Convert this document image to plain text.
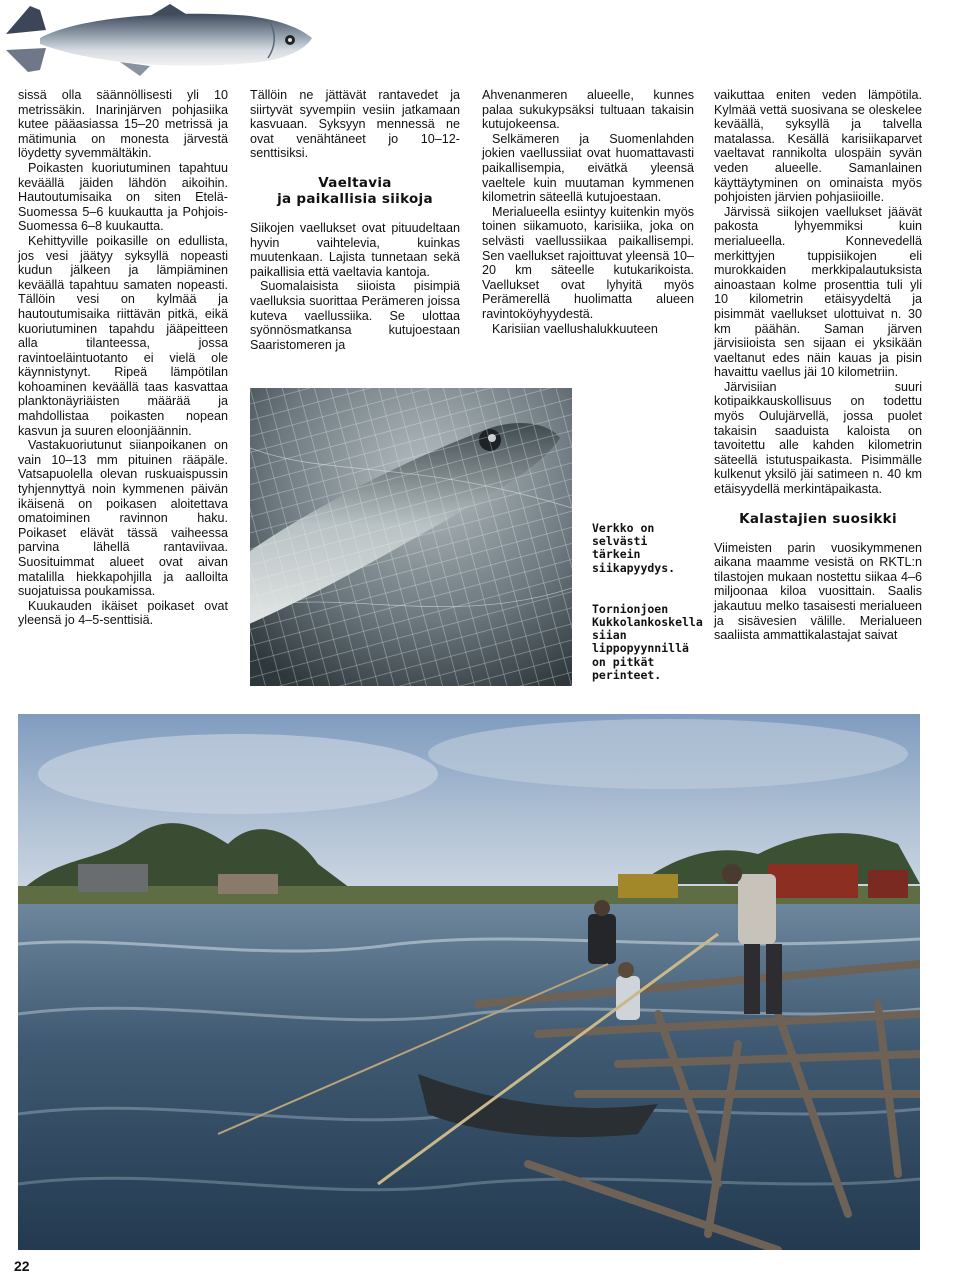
sissä olla säännöllisesti yli 10 metrissäkin. Inarinjärven pohjasiika kutee pääasiassa 15–20 metrissä ja mätimunia on monesta järvestä löydetty syvemmältäkin.

Poikasten kuoriutuminen tapahtuu keväällä jäiden lähdön aikoihin. Hautoutumisaika on siten Etelä-Suomessa 5–6 kuukautta ja Pohjois-Suomessa 6–8 kuukautta.

Kehittyville poikasille on edullista, jos vesi jäätyy syksyllä nopeasti kudun jälkeen ja lämpiäminen keväällä tapahtuu samaten nopeasti. Tällöin vesi on kylmää ja hautoutumisaika riittävän pitkä, eikä kuoriutuminen tapahdu jääpeitteen alla tilanteessa, jossa ravintoeläintuotanto ei vielä ole käynnistynyt. Ripeä lämpötilan kohoaminen keväällä taas kasvattaa planktonäyriäisten määrää ja mahdollistaa poikasten nopean kasvun ja suuren eloonjäännin.

Vastakuoriutunut siianpoikanen on vain 10–13 mm pituinen rääpäle. Vatsapuolella olevan ruskuaispussin tyhjennyttyä noin kymmenen päivän ikäisenä on poikasen aloitettava omatoiminen ravinnon haku. Poikaset elävät tässä vaiheessa parvina lähellä rantaviivaa. Suosituimmat alueet ovat aivan matalilla hiekkapohjilla ja aalloilta suojatuissa poukamissa.

Kuukauden ikäiset poikaset ovat yleensä jo 4–5-senttisiä.

Tällöin ne jättävät rantavedet ja siirtyvät syvempiin vesiin jatkamaan kasvuaan. Syksyyn mennessä ne ovat venähtäneet jo 10–12-senttisiksi.

Vaeltavia
ja paikallisia siikoja

Siikojen vaellukset ovat pituudeltaan hyvin vaihtelevia, kuinkas muutenkaan. Lajista tunnetaan sekä paikallisia että vaeltavia kantoja.

Suomalaisista siioista pisimpiä vaelluksia suorittaa Perämeren joissa kuteva vaellussiika. Se ulottaa syönnösmatkansa kutujoestaan Saaristomeren ja

Ahvenanmeren alueelle, kunnes palaa sukukypsäksi tultuaan takaisin kutujokeensa.

Selkämeren ja Suomenlahden jokien vaellussiiat ovat huomattavasti paikallisempia, eivätkä yleensä vaeltele kuin muutaman kymmenen kilometrin säteellä kutujoestaan.

Merialueella esiintyy kuitenkin myös toinen siikamuoto, karisiika, joka on selvästi vaellussiikaa paikallisempi. Sen vaellukset rajoittuvat yleensä 10–20 km säteelle kutukarikoista. Vaellukset ovat lyhyitä myös Perämerellä huolimatta alueen ravintoköyhyydestä.

Karisiian vaellushalukkuuteen

Verkko on selvästi tärkein siikapyydys.

Tornionjoen Kukkolankoskella siian lippopyynnillä on pitkät perinteet.

vaikuttaa eniten veden lämpötila. Kylmää vettä suosivana se oleskelee keväällä, syksyllä ja talvella matalassa. Kesällä karisiikaparvet vaeltavat rannikolta ulospäin syvän veden alueelle. Samanlainen käyttäytyminen on ominaista myös pohjoisten järvien pohjasiioille.

Järvissä siikojen vaellukset jäävät pakosta lyhyemmiksi kuin merialueella. Konnevedellä merkittyjen tuppisiikojen eli murokkaiden merkkipalautuksista ainoastaan kolme prosenttia tuli yli 10 kilometrin etäisyydeltä ja pisimmät vaellukset ulottuivat n. 30 km päähän. Saman järven järvisiioista sen sijaan ei yksikään vaeltanut edes näin kauas ja pisin havaittu vaellus jäi 10 kilometriin.

Järvisiian suuri kotipaikkauskollisuus on todettu myös Oulujärvellä, jossa puolet takaisin saaduista kaloista on tavoitettu alle kahden kilometrin säteellä istutuspaikasta. Pisimmälle kulkenut yksilö jäi satimeen n. 40 km etäisyydellä merkintäpaikasta.

Kalastajien suosikki

Viimeisten parin vuosikymmenen aikana maamme vesistä on RKTL:n tilastojen mukaan nostettu siikaa 4–6 miljoonaa kiloa vuosittain. Saalis jakautuu melko tasaisesti merialueen ja sisävesien välille. Merialueen saaliista ammattikalastajat saivat

22
